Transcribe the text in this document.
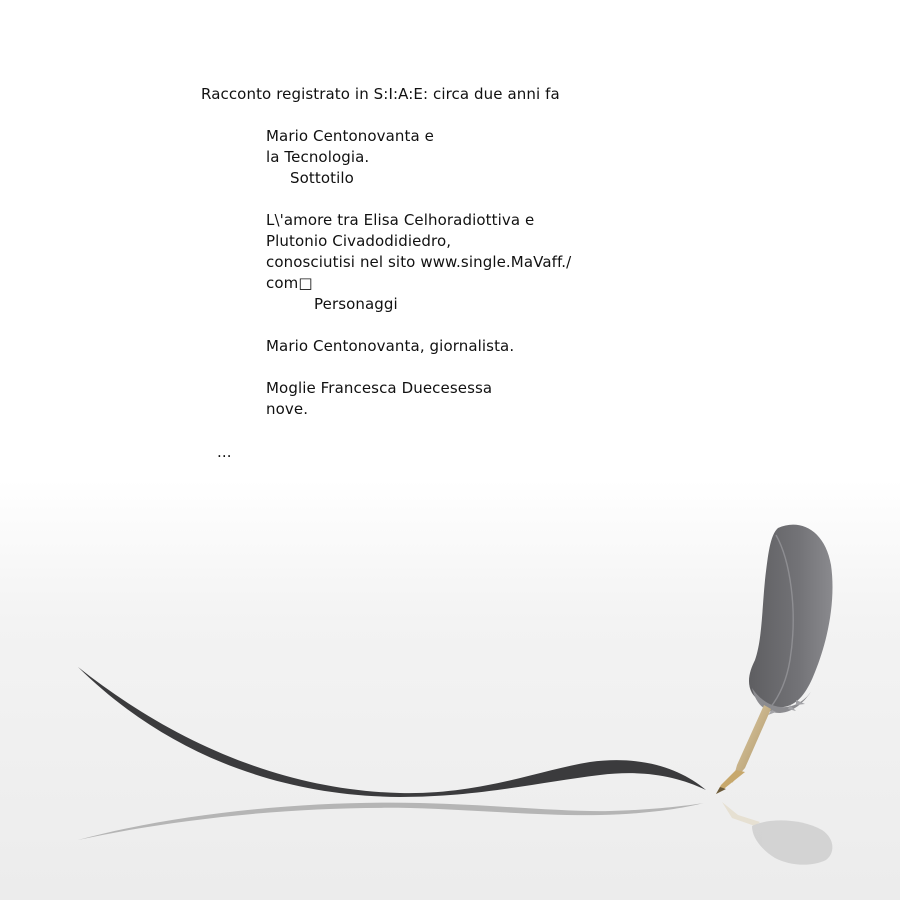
Racconto registrato in S:I:A:E: circa due anni fa
Mario Centonovanta e
la Tecnologia.
Sottotilo
L\'amore tra Elisa Celhoradiottiva e
Plutonio Civadodidiedro,
conosciutisi nel sito www.single.MaVaff./
com□
Personaggi
Mario Centonovanta, giornalista.
Moglie Francesca Duecesessa
nove.
...
